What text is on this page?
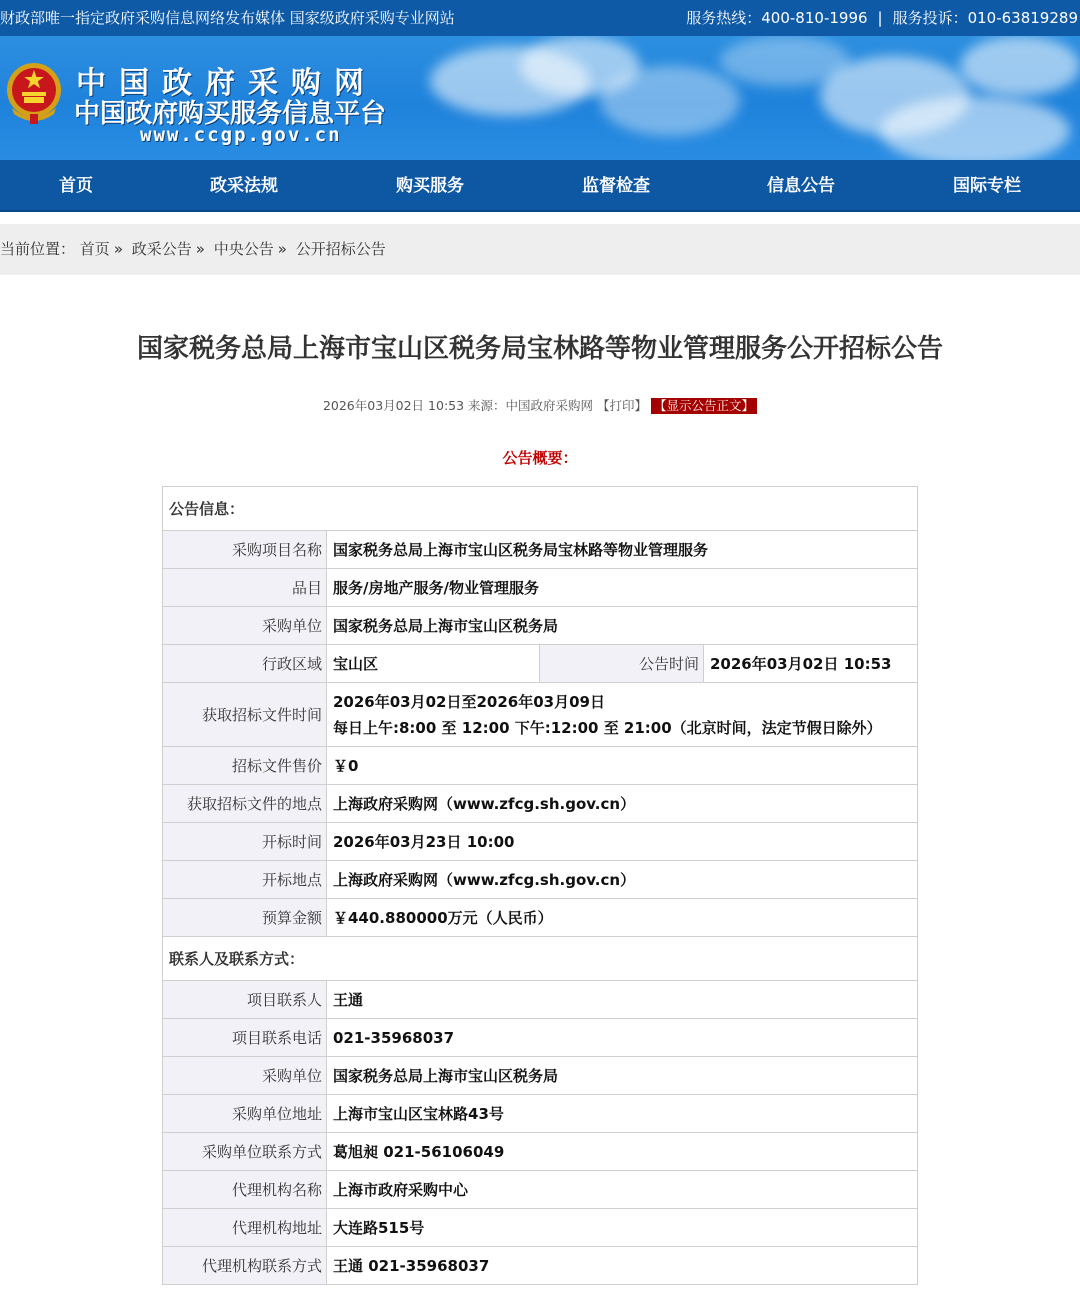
财政部唯一指定政府采购信息网络发布媒体 国家级政府采购专业网站	服务热线：400-810-1996 | 服务投诉：010-63819289
中国政府采购网
中国政府购买服务信息平台
www.ccgp.gov.cn
首页	政采法规	购买服务	监督检查	信息公告	国际专栏
当前位置： 首页 » 政采公告 » 中央公告 » 公开招标公告
国家税务总局上海市宝山区税务局宝林路等物业管理服务公开招标公告
2026年03月02日 10:53 来源：中国政府采购网 【打印】 【显示公告正文】
公告概要：
公告信息：			
采购项目名称	国家税务总局上海市宝山区税务局宝林路等物业管理服务		
品目	服务/房地产服务/物业管理服务		
采购单位	国家税务总局上海市宝山区税务局		
行政区域	宝山区	公告时间	2026年03月02日 10:53
获取招标文件时间	2026年03月02日至2026年03月09日
每日上午:8:00 至 12:00 下午:12:00 至 21:00（北京时间，法定节假日除外）		

招标文件售价	￥0		
获取招标文件的地点	上海政府采购网（www.zfcg.sh.gov.cn）		
开标时间	2026年03月23日 10:00		
开标地点	上海政府采购网（www.zfcg.sh.gov.cn）		
预算金额	￥440.880000万元（人民币）		
联系人及联系方式：			
项目联系人	王通		
项目联系电话	021-35968037		
采购单位	国家税务总局上海市宝山区税务局		
采购单位地址	上海市宝山区宝林路43号		
采购单位联系方式	葛旭昶 021-56106049		
代理机构名称	上海市政府采购中心		
代理机构地址	大连路515号		
代理机构联系方式	王通 021-35968037		
